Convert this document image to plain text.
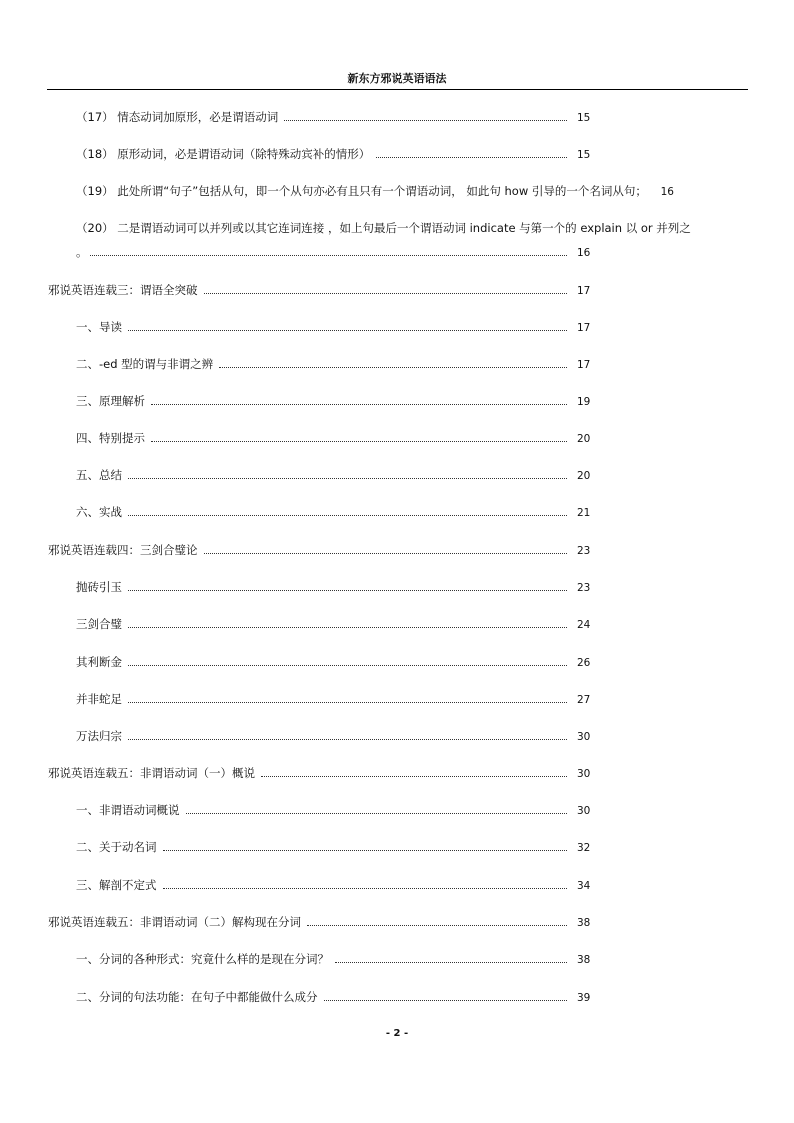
新东方邪说英语语法
（17） 情态动词加原形，必是谓语动词	15
（18） 原形动词，必是谓语动词（除特殊动宾补的情形）	15
（19） 此处所谓“句子”包括从句，即一个从句亦必有且只有一个谓语动词， 如此句 how 引导的一个名词从句； 16
（20） 二是谓语动词可以并列或以其它连词连接 ，如上句最后一个谓语动词 indicate 与第一个的 explain 以 or 并列之
。	16
邪说英语连载三：谓语全突破	17
一、导读	17
二、-ed 型的谓与非谓之辨	17
三、原理解析	19
四、特别提示	20
五、总结	20
六、实战	21
邪说英语连载四：三剑合璧论	23
抛砖引玉	23
三剑合璧	24
其利断金	26
并非蛇足	27
万法归宗	30
邪说英语连载五：非谓语动词（一）概说	30
一、非谓语动词概说	30
二、关于动名词	32
三、解剖不定式	34
邪说英语连载五：非谓语动词（二）解构现在分词	38
一、分词的各种形式：究竟什么样的是现在分词？	38
二、分词的句法功能：在句子中都能做什么成分	39
- 2 -
